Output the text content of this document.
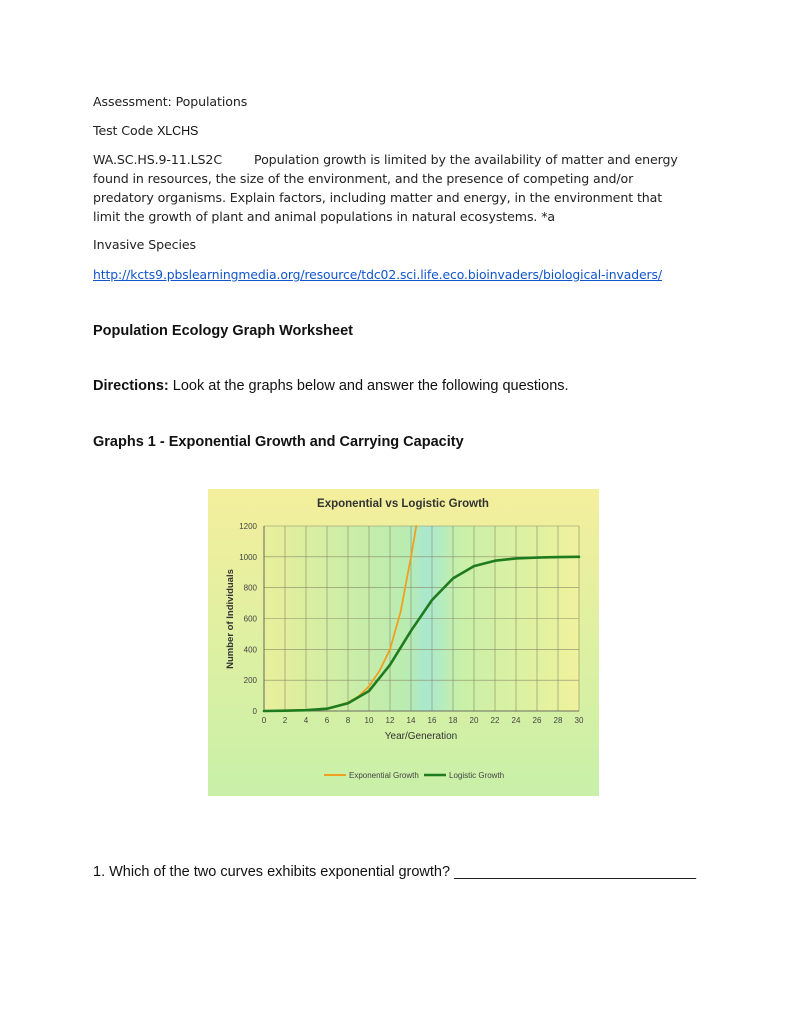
Assessment: Populations
Test Code XLCHS
WA.SC.HS.9-11.LS2C	Population growth is limited by the availability of matter and energy found in resources, the size of the environment, and the presence of competing and/or predatory organisms. Explain factors, including matter and energy, in the environment that limit the growth of plant and animal populations in natural ecosystems. *a
Invasive Species
http://kcts9.pbslearningmedia.org/resource/tdc02.sci.life.eco.bioinvaders/biological-invaders/
Population Ecology Graph Worksheet
Directions: Look at the graphs below and answer the following questions.
Graphs 1 - Exponential Growth and Carrying Capacity
0 2 4 6 8 10 12 14 16 18 20 22 24 26 28 30
0
200
400
600
800
1000
1200
Exponential vs Logistic Growth
Year/Generation
Number of Individuals
Exponential Growth	Logistic Growth
1. Which of the two curves exhibits exponential growth? ______________________________
